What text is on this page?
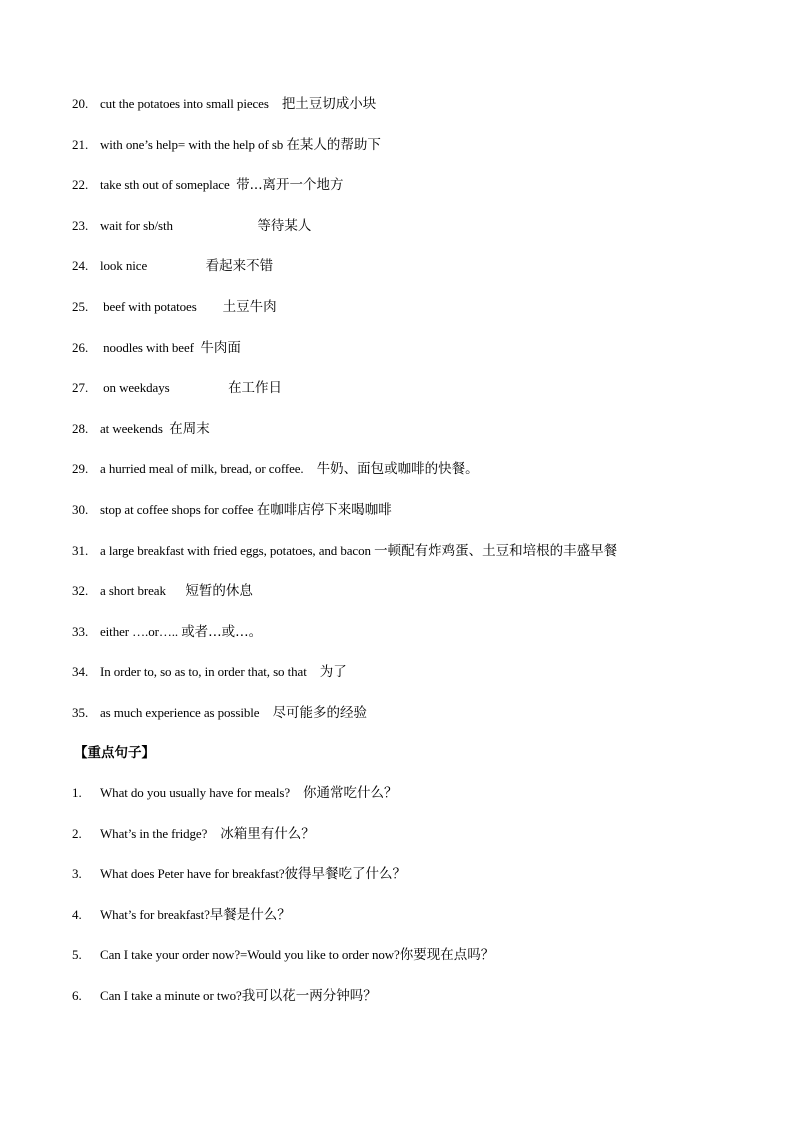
20. cut the potatoes into small pieces 把土豆切成小块
21. with one’s help= with the help of sb 在某人的帮助下
22. take sth out of someplace 带...离开一个地方
23. wait for sb/sth	等待某人
24. look nice	看起来不错
25. beef with potatoes 土豆牛肉
26. noodles with beef 牛肉面
27. on weekdays	在工作日
28. at weekends 在周末
29. a hurried meal of milk, bread, or coffee. 牛奶、面包或咖啡的快餐。
30. stop at coffee shops for coffee 在咖啡店停下来喝咖啡
31. a large breakfast with fried eggs, potatoes, and bacon 一顿配有炸鸡蛋、土豆和培根的丰盛早餐
32. a short break 短暂的休息
33. either ….or….. 或者…或…。
34. In order to, so as to, in order that, so that 为了
35. as much experience as possible 尽可能多的经验
【重点句子】
1. What do you usually have for meals? 你通常吃什么？
2. What’s in the fridge? 冰箱里有什么？
3. What does Peter have for breakfast?彼得早餐吃了什么？
4. What’s for breakfast?早餐是什么？
5. Can I take your order now?=Would you like to order now?你要现在点吗？
6. Can I take a minute or two?我可以花一两分钟吗？
